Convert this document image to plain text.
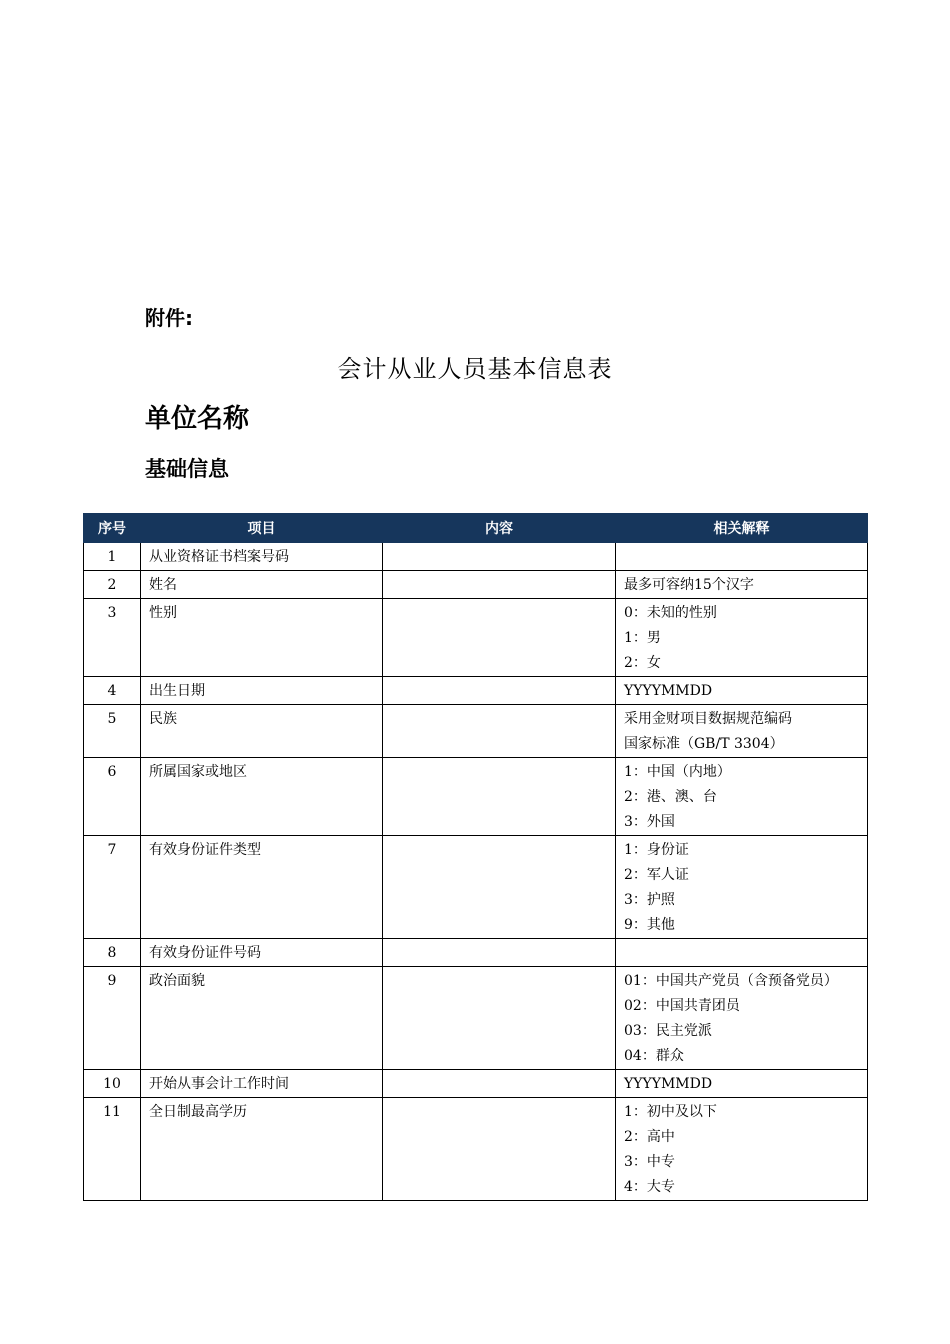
附件:
会计从业人员基本信息表
单位名称
基础信息
序号	项目	内容	相关解释
1	从业资格证书档案号码		
2	姓名		最多可容纳15个汉字

3	性别		0：未知的性别
1：男
2：女

4	出生日期		YYYYMMDD

5	民族		采用金财项目数据规范编码
国家标准（GB/T 3304）

6	所属国家或地区		1：中国（内地）
2：港、澳、台
3：外国

7	有效身份证件类型		1：身份证
2：军人证
3：护照
9：其他

8	有效身份证件号码		
9	政治面貌		01：中国共产党员（含预备党员）
02：中国共青团员
03：民主党派
04：群众

10	开始从事会计工作时间		YYYYMMDD

11	全日制最高学历		1：初中及以下
2：高中
3：中专
4：大专
